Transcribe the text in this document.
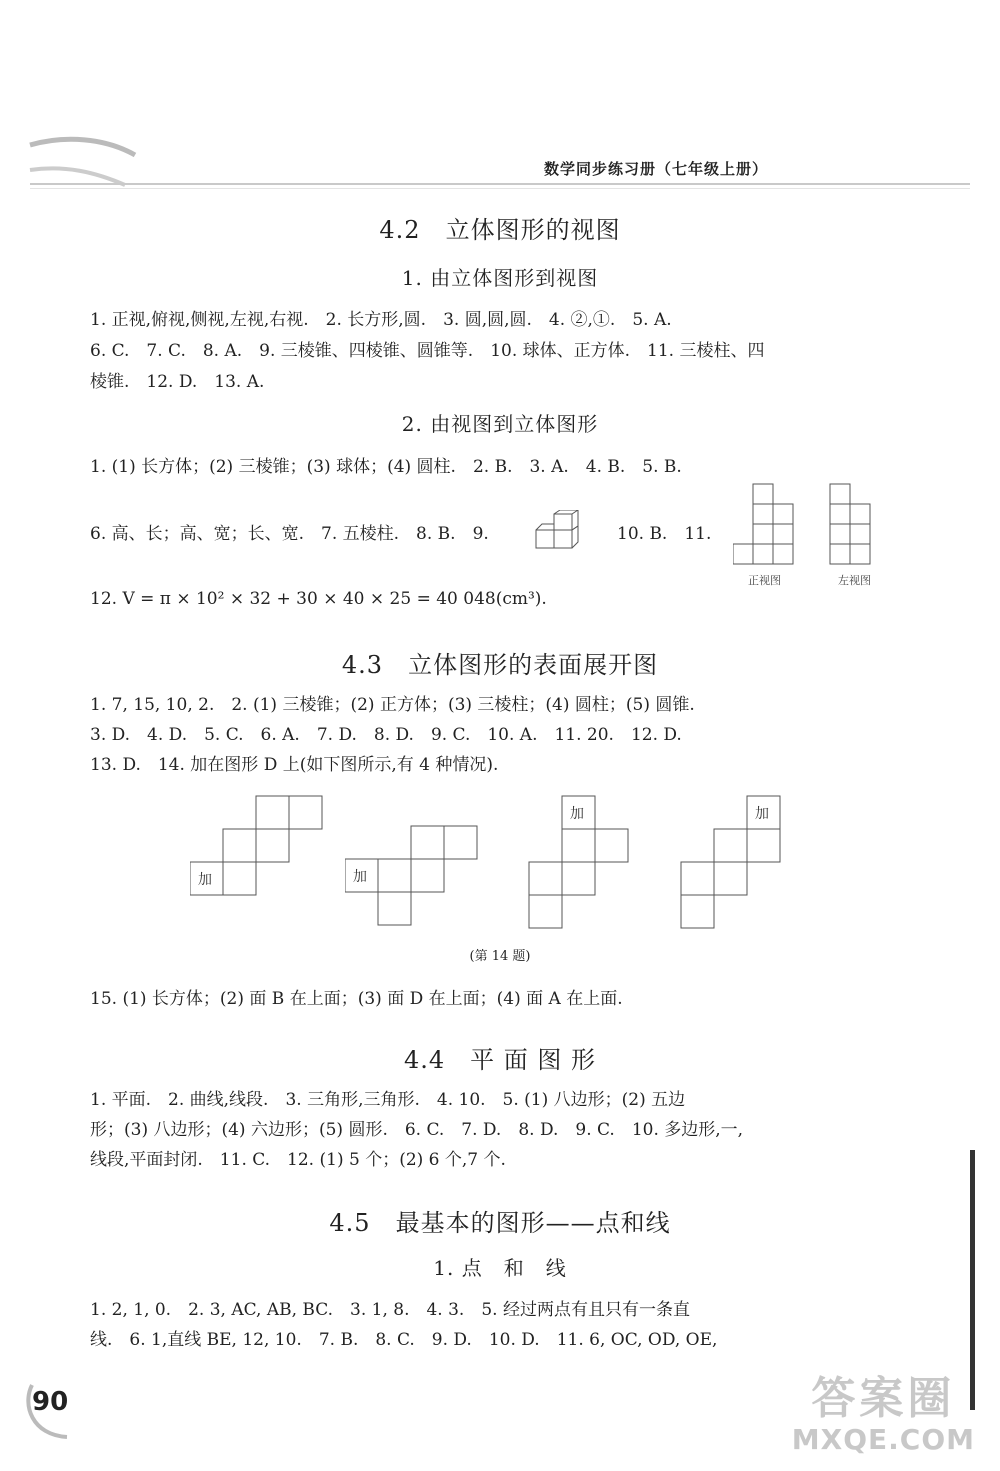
数学同步练习册（七年级上册）
4.2　立体图形的视图
1. 由立体图形到视图
1. 正视,俯视,侧视,左视,右视.　2. 长方形,圆.　3. 圆,圆,圆.　4. ②,①.　5. A.
6. C.　7. C.　8. A.　9. 三棱锥、四棱锥、圆锥等.　10. 球体、正方体.　11. 三棱柱、四
棱锥.　12. D.　13. A.
2. 由视图到立体图形
1. (1) 长方体；(2) 三棱锥；(3) 球体；(4) 圆柱.　2. B.　3. A.　4. B.　5. B.
6. 高、长；高、宽；长、宽.　7. 五棱柱.　8. B.　9.	10. B.　11.
正视图	左视图
12. V = π × 10² × 32 + 30 × 40 × 25 = 40 048(cm³).
4.3　立体图形的表面展开图
1. 7, 15, 10, 2.　2. (1) 三棱锥；(2) 正方体；(3) 三棱柱；(4) 圆柱；(5) 圆锥.
3. D.　4. D.　5. C.　6. A.　7. D.　8. D.　9. C.　10. A.　11. 20.　12. D.
13. D.　14. 加在图形 D 上(如下图所示,有 4 种情况).
加	加
加	加
(第 14 题)
15. (1) 长方体；(2) 面 B 在上面；(3) 面 D 在上面；(4) 面 A 在上面.
4.4　平 面 图 形
1. 平面.　2. 曲线,线段.　3. 三角形,三角形.　4. 10.　5. (1) 八边形；(2) 五边
形；(3) 八边形；(4) 六边形；(5) 圆形.　6. C.　7. D.　8. D.　9. C.　10. 多边形,一,
线段,平面封闭.　11. C.　12. (1) 5 个；(2) 6 个,7 个.
4.5　最基本的图形——点和线
1. 点　和　线
1. 2, 1, 0.　2. 3, AC, AB, BC.　3. 1, 8.　4. 3.　5. 经过两点有且只有一条直
线.　6. 1,直线 BE, 12, 10.　7. B.　8. C.　9. D.　10. D.　11. 6, OC, OD, OE,
90	答案圈
MXQE.COM
